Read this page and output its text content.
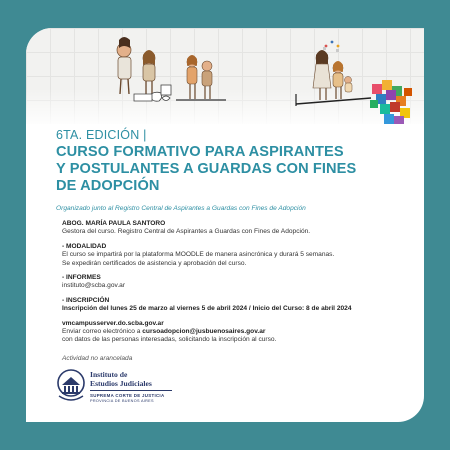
6TA. EDICIÓN |

CURSO FORMATIVO PARA ASPIRANTES
Y POSTULANTES A GUARDAS CON FINES
DE ADOPCIÓN

Organizado junto al Registro Central de Aspirantes a Guardas con Fines de Adopción

ABOG. MARÍA PAULA SANTORO
Gestora del curso. Registro Central de Aspirantes a Guardas con Fines de Adopción.
- MODALIDAD
El curso se impartirá por la plataforma MOODLE de manera asincrónica y durará 5 semanas.
Se expedirán certificados de asistencia y aprobación del curso.
- INFORMES
instituto@scba.gov.ar
- INSCRIPCIÓN
Inscripción del lunes 25 de marzo al viernes 5 de abril 2024 / Inicio del Curso: 8 de abril 2024
vmcampusserver.do.scba.gov.ar
Enviar correo electrónico a cursoadopcion@jusbuenosaires.gov.ar
con datos de las personas interesadas, solicitando la inscripción al curso.
Actividad no arancelada
Instituto de
Estudios Judiciales
SUPREMA CORTE DE JUSTICIA
PROVINCIA DE BUENOS AIRES
